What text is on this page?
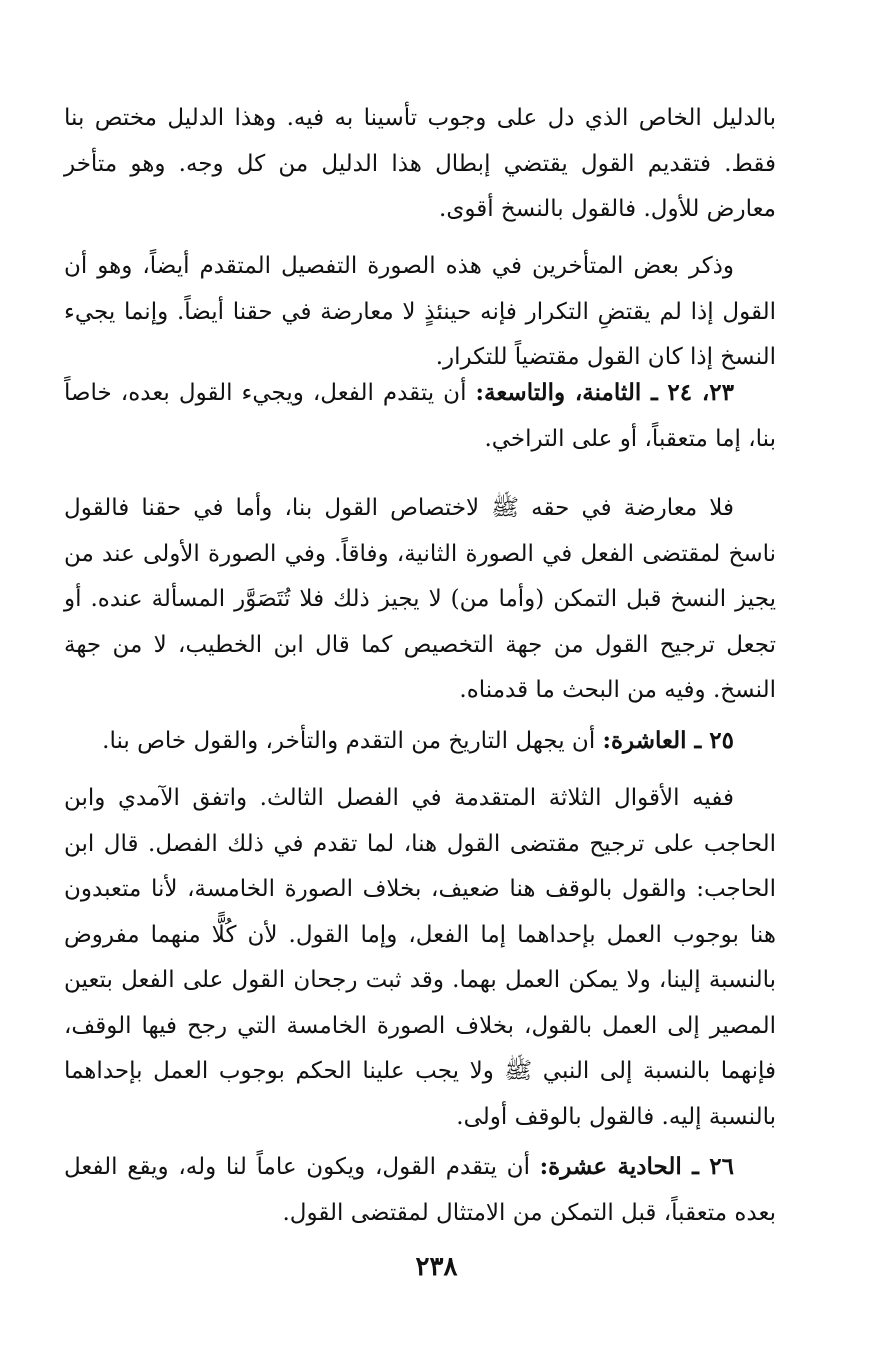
بالدليل الخاص الذي دل على وجوب تأسينا به فيه. وهذا الدليل مختص بنا فقط. فتقديم القول يقتضي إبطال هذا الدليل من كل وجه. وهو متأخر معارض للأول. فالقول بالنسخ أقوى.

وذكر بعض المتأخرين في هذه الصورة التفصيل المتقدم أيضاً، وهو أن القول إذا لم يقتضِ التكرار فإنه حينئذٍ لا معارضة في حقنا أيضاً. وإنما يجيء النسخ إذا كان القول مقتضياً للتكرار.

٢٣، ٢٤ ـ الثامنة، والتاسعة: أن يتقدم الفعل، ويجيء القول بعده، خاصاً بنا، إما متعقباً، أو على التراخي.

فلا معارضة في حقه ﷺ لاختصاص القول بنا، وأما في حقنا فالقول ناسخ لمقتضى الفعل في الصورة الثانية، وفاقاً. وفي الصورة الأولى عند من يجيز النسخ قبل التمكن (وأما من) لا يجيز ذلك فلا تُتَصَوَّر المسألة عنده. أو تجعل ترجيح القول من جهة التخصيص كما قال ابن الخطيب، لا من جهة النسخ. وفيه من البحث ما قدمناه.

٢٥ ـ العاشرة: أن يجهل التاريخ من التقدم والتأخر، والقول خاص بنا.

ففيه الأقوال الثلاثة المتقدمة في الفصل الثالث. واتفق الآمدي وابن الحاجب على ترجيح مقتضى القول هنا، لما تقدم في ذلك الفصل. قال ابن الحاجب: والقول بالوقف هنا ضعيف، بخلاف الصورة الخامسة، لأنا متعبدون هنا بوجوب العمل بإحداهما إما الفعل، وإما القول. لأن كُلًّا منهما مفروض بالنسبة إلينا، ولا يمكن العمل بهما. وقد ثبت رجحان القول على الفعل بتعين المصير إلى العمل بالقول، بخلاف الصورة الخامسة التي رجح فيها الوقف، فإنهما بالنسبة إلى النبي ﷺ ولا يجب علينا الحكم بوجوب العمل بإحداهما بالنسبة إليه. فالقول بالوقف أولى.

٢٦ ـ الحادية عشرة: أن يتقدم القول، ويكون عاماً لنا وله، ويقع الفعل بعده متعقباً، قبل التمكن من الامتثال لمقتضى القول.

٢٣٨
